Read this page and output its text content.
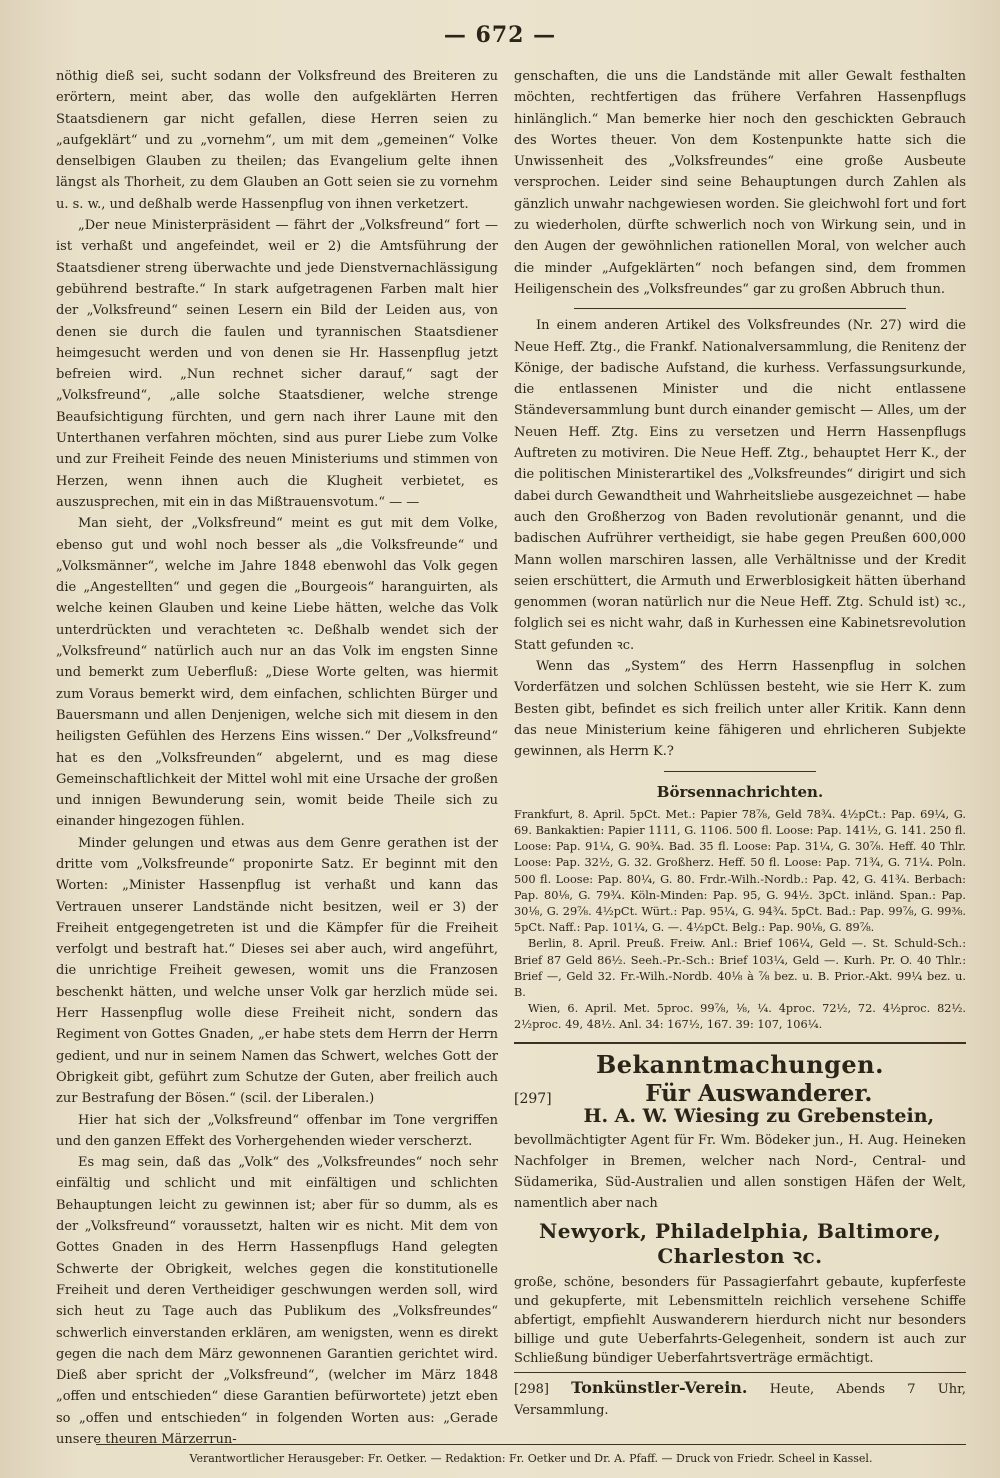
— 672 —

nöthig dieß sei, sucht sodann der Volksfreund des Breiteren zu erörtern, meint aber, das wolle den aufgeklärten Herren Staatsdienern gar nicht gefallen, diese Herren seien zu „aufgeklärt“ und zu „vornehm“, um mit dem „gemeinen“ Volke denselbigen Glauben zu theilen; das Evangelium gelte ihnen längst als Thorheit, zu dem Glauben an Gott seien sie zu vornehm u. s. w., und deßhalb werde Hassenpflug von ihnen verketzert.

„Der neue Ministerpräsident — fährt der „Volksfreund“ fort — ist verhaßt und angefeindet, weil er 2) die Amtsführung der Staatsdiener streng überwachte und jede Dienstvernachlässigung gebührend bestrafte.“ In stark aufgetragenen Farben malt hier der „Volksfreund“ seinen Lesern ein Bild der Leiden aus, von denen sie durch die faulen und tyrannischen Staatsdiener heimgesucht werden und von denen sie Hr. Hassenpflug jetzt befreien wird. „Nun rechnet sicher darauf,“ sagt der „Volksfreund“, „alle solche Staatsdiener, welche strenge Beaufsichtigung fürchten, und gern nach ihrer Laune mit den Unterthanen verfahren möchten, sind aus purer Liebe zum Volke und zur Freiheit Feinde des neuen Ministeriums und stimmen von Herzen, wenn ihnen auch die Klugheit verbietet, es auszusprechen, mit ein in das Mißtrauensvotum.“ — —

Man sieht, der „Volksfreund“ meint es gut mit dem Volke, ebenso gut und wohl noch besser als „die Volksfreunde“ und „Volksmänner“, welche im Jahre 1848 ebenwohl das Volk gegen die „Angestellten“ und gegen die „Bourgeois“ haranguirten, als welche keinen Glauben und keine Liebe hätten, welche das Volk unterdrückten und verachteten ꝛc. Deßhalb wendet sich der „Volksfreund“ natürlich auch nur an das Volk im engsten Sinne und bemerkt zum Ueberfluß: „Diese Worte gelten, was hiermit zum Voraus bemerkt wird, dem einfachen, schlichten Bürger und Bauersmann und allen Denjenigen, welche sich mit diesem in den heiligsten Gefühlen des Herzens Eins wissen.“ Der „Volksfreund“ hat es den „Volksfreunden“ abgelernt, und es mag diese Gemeinschaftlichkeit der Mittel wohl mit eine Ursache der großen und innigen Bewunderung sein, womit beide Theile sich zu einander hingezogen fühlen.

Minder gelungen und etwas aus dem Genre gerathen ist der dritte vom „Volksfreunde“ proponirte Satz. Er beginnt mit den Worten: „Minister Hassenpflug ist verhaßt und kann das Vertrauen unserer Landstände nicht besitzen, weil er 3) der Freiheit entgegengetreten ist und die Kämpfer für die Freiheit verfolgt und bestraft hat.“ Dieses sei aber auch, wird angeführt, die unrichtige Freiheit gewesen, womit uns die Franzosen beschenkt hätten, und welche unser Volk gar herzlich müde sei. Herr Hassenpflug wolle diese Freiheit nicht, sondern das Regiment von Gottes Gnaden, „er habe stets dem Herrn der Herrn gedient, und nur in seinem Namen das Schwert, welches Gott der Obrigkeit gibt, geführt zum Schutze der Guten, aber freilich auch zur Bestrafung der Bösen.“ (scil. der Liberalen.)

Hier hat sich der „Volksfreund“ offenbar im Tone vergriffen und den ganzen Effekt des Vorhergehenden wieder verscherzt.

Es mag sein, daß das „Volk“ des „Volksfreundes“ noch sehr einfältig und schlicht und mit einfältigen und schlichten Behauptungen leicht zu gewinnen ist; aber für so dumm, als es der „Volksfreund“ voraussetzt, halten wir es nicht. Mit dem von Gottes Gnaden in des Herrn Hassenpflugs Hand gelegten Schwerte der Obrigkeit, welches gegen die konstitutionelle Freiheit und deren Vertheidiger geschwungen werden soll, wird sich heut zu Tage auch das Publikum des „Volksfreundes“ schwerlich einverstanden erklären, am wenigsten, wenn es direkt gegen die nach dem März gewonnenen Garantien gerichtet wird. Dieß aber spricht der „Volksfreund“, (welcher im März 1848 „offen und entschieden“ diese Garantien befürwortete) jetzt eben so „offen und entschieden“ in folgenden Worten aus: „Gerade unsere theuren Märzerrun-

genschaften, die uns die Landstände mit aller Gewalt festhalten möchten, rechtfertigen das frühere Verfahren Hassenpflugs hinlänglich.“ Man bemerke hier noch den geschickten Gebrauch des Wortes theuer. Von dem Kostenpunkte hatte sich die Unwissenheit des „Volksfreundes“ eine große Ausbeute versprochen. Leider sind seine Behauptungen durch Zahlen als gänzlich unwahr nachgewiesen worden. Sie gleichwohl fort und fort zu wiederholen, dürfte schwerlich noch von Wirkung sein, und in den Augen der gewöhnlichen rationellen Moral, von welcher auch die minder „Aufgeklärten“ noch befangen sind, dem frommen Heiligenschein des „Volksfreundes“ gar zu großen Abbruch thun.

In einem anderen Artikel des Volksfreundes (Nr. 27) wird die Neue Heff. Ztg., die Frankf. Nationalversammlung, die Renitenz der Könige, der badische Aufstand, die kurhess. Verfassungsurkunde, die entlassenen Minister und die nicht entlassene Ständeversammlung bunt durch einander gemischt — Alles, um der Neuen Heff. Ztg. Eins zu versetzen und Herrn Hassenpflugs Auftreten zu motiviren. Die Neue Heff. Ztg., behauptet Herr K., der die politischen Ministerartikel des „Volksfreundes“ dirigirt und sich dabei durch Gewandtheit und Wahrheitsliebe ausgezeichnet — habe auch den Großherzog von Baden revolutionär genannt, und die badischen Aufrührer vertheidigt, sie habe gegen Preußen 600,000 Mann wollen marschiren lassen, alle Verhältnisse und der Kredit seien erschüttert, die Armuth und Erwerblosigkeit hätten überhand genommen (woran natürlich nur die Neue Heff. Ztg. Schuld ist) ꝛc., folglich sei es nicht wahr, daß in Kurhessen eine Kabinetsrevolution Statt gefunden ꝛc.

Wenn das „System“ des Herrn Hassenpflug in solchen Vorderfätzen und solchen Schlüssen besteht, wie sie Herr K. zum Besten gibt, befindet es sich freilich unter aller Kritik. Kann denn das neue Ministerium keine fähigeren und ehrlicheren Subjekte gewinnen, als Herrn K.?

Börsennachrichten.

Frankfurt, 8. April. 5pCt. Met.: Papier 78⅞, Geld 78¾. 4½pCt.: Pap. 69¼, G. 69. Bankaktien: Papier 1111, G. 1106. 500 fl. Loose: Pap. 141½, G. 141. 250 fl. Loose: Pap. 91¼, G. 90¾. Bad. 35 fl. Loose: Pap. 31¼, G. 30⅞. Heff. 40 Thlr. Loose: Pap. 32½, G. 32. Großherz. Heff. 50 fl. Loose: Pap. 71¾, G. 71¼. Poln. 500 fl. Loose: Pap. 80¼, G. 80. Frdr.-Wilh.-Nordb.: Pap. 42, G. 41¾. Berbach: Pap. 80⅛, G. 79¾. Köln-Minden: Pap. 95, G. 94½. 3pCt. inländ. Span.: Pap. 30⅛, G. 29⅞. 4½pCt. Würt.: Pap. 95¼, G. 94¾. 5pCt. Bad.: Pap. 99⅞, G. 99⅜. 5pCt. Naff.: Pap. 101¼, G. —. 4½pCt. Belg.: Pap. 90⅛, G. 89⅞.

Berlin, 8. April. Preuß. Freiw. Anl.: Brief 106¼, Geld —. St. Schuld-Sch.: Brief 87 Geld 86½. Seeh.-Pr.-Sch.: Brief 103¼, Geld —. Kurh. Pr. O. 40 Thlr.: Brief —, Geld 32. Fr.-Wilh.-Nordb. 40⅛ à ⅞ bez. u. B. Prior.-Akt. 99¼ bez. u. B.

Wien, 6. April. Met. 5proc. 99⅞, ⅛, ¼. 4proc. 72½, 72. 4½proc. 82½. 2½proc. 49, 48½. Anl. 34: 167½, 167. 39: 107, 106¼.

Bekanntmachungen.
[297]	Für Auswanderer.
H. A. W. Wiesing zu Grebenstein,

bevollmächtigter Agent für Fr. Wm. Bödeker jun., H. Aug. Heineken Nachfolger in Bremen, welcher nach Nord-, Central- und Südamerika, Süd-Australien und allen sonstigen Häfen der Welt, namentlich aber nach

Newyork, Philadelphia, Baltimore, Charleston ꝛc.

große, schöne, besonders für Passagierfahrt gebaute, kupferfeste und gekupferte, mit Lebensmitteln reichlich versehene Schiffe abfertigt, empfiehlt Auswanderern hierdurch nicht nur besonders billige und gute Ueberfahrts-Gelegenheit, sondern ist auch zur Schließung bündiger Ueberfahrtsverträge ermächtigt.

[298] Tonkünstler-Verein. Heute, Abends 7 Uhr, Versammlung.

Verantwortlicher Herausgeber: Fr. Oetker. — Redaktion: Fr. Oetker und Dr. A. Pfaff. — Druck von Friedr. Scheel in Kassel.
